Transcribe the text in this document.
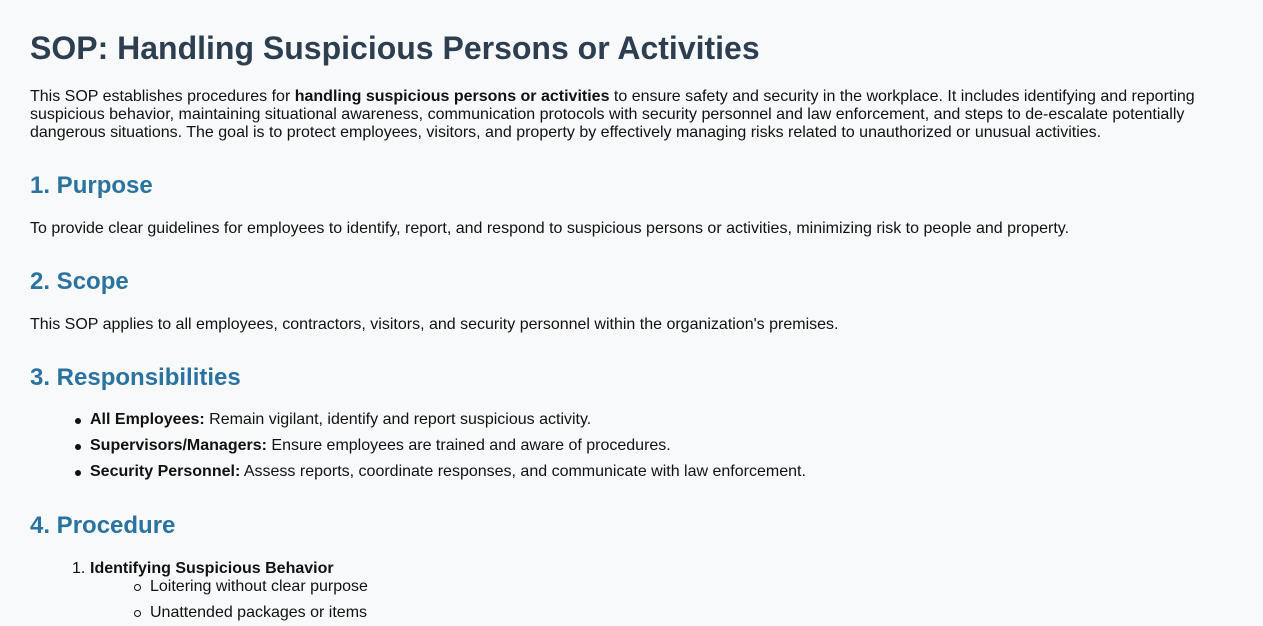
SOP: Handling Suspicious Persons or Activities

This SOP establishes procedures for handling suspicious persons or activities to ensure safety and security in the workplace. It includes identifying and reporting suspicious behavior, maintaining situational awareness, communication protocols with security personnel and law enforcement, and steps to de-escalate potentially dangerous situations. The goal is to protect employees, visitors, and property by effectively managing risks related to unauthorized or unusual activities.

1. Purpose

To provide clear guidelines for employees to identify, report, and respond to suspicious persons or activities, minimizing risk to people and property.

2. Scope

This SOP applies to all employees, contractors, visitors, and security personnel within the organization's premises.

3. Responsibilities
All Employees: Remain vigilant, identify and report suspicious activity.
Supervisors/Managers: Ensure employees are trained and aware of procedures.
Security Personnel: Assess reports, coordinate responses, and communicate with law enforcement.
4. Procedure
1. Identifying Suspicious Behavior
Loitering without clear purpose
Unattended packages or items
